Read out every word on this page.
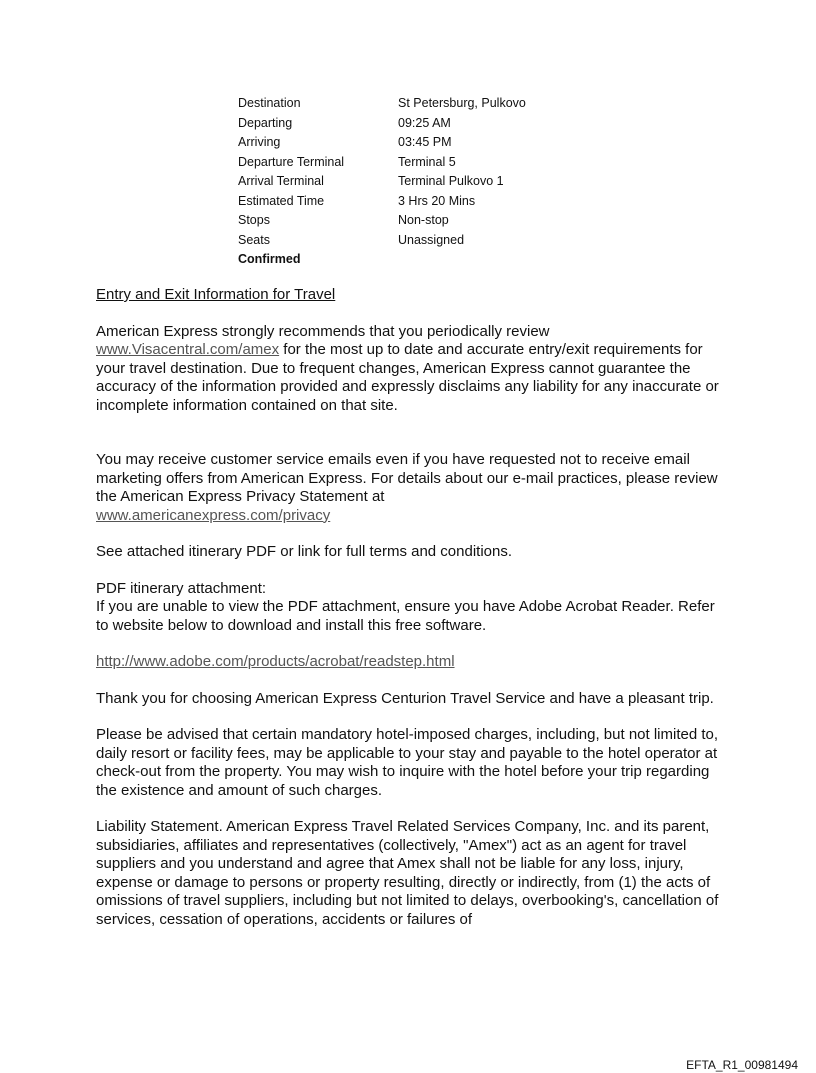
Destination	St Petersburg, Pulkovo
Departing	09:25 AM
Arriving	03:45 PM
Departure Terminal	Terminal 5
Arrival Terminal	Terminal Pulkovo 1
Estimated Time	3 Hrs 20 Mins
Stops	Non-stop
Seats	Unassigned
Confirmed	

Entry and Exit Information for Travel

American Express strongly recommends that you periodically review
www.Visacentral.com/amex for the most up to date and accurate entry/exit requirements for your travel destination. Due to frequent changes, American Express cannot guarantee the accuracy of the information provided and expressly disclaims any liability for any inaccurate or incomplete information contained on that site.

You may receive customer service emails even if you have requested not to receive email marketing offers from American Express. For details about our e-mail practices, please review the American Express Privacy Statement at
www.americanexpress.com/privacy

See attached itinerary PDF or link for full terms and conditions.

PDF itinerary attachment:

If you are unable to view the PDF attachment, ensure you have Adobe Acrobat Reader. Refer to website below to download and install this free software.

http://www.adobe.com/products/acrobat/readstep.html

Thank you for choosing American Express Centurion Travel Service and have a pleasant trip.

Please be advised that certain mandatory hotel-imposed charges, including, but not limited to, daily resort or facility fees, may be applicable to your stay and payable to the hotel operator at check-out from the property. You may wish to inquire with the hotel before your trip regarding the existence and amount of such charges.

Liability Statement. American Express Travel Related Services Company, Inc. and its parent, subsidiaries, affiliates and representatives (collectively, "Amex") act as an agent for travel suppliers and you understand and agree that Amex shall not be liable for any loss, injury, expense or damage to persons or property resulting, directly or indirectly, from (1) the acts of omissions of travel suppliers, including but not limited to delays, overbooking's, cancellation of services, cessation of operations, accidents or failures of

EFTA_R1_00981494
